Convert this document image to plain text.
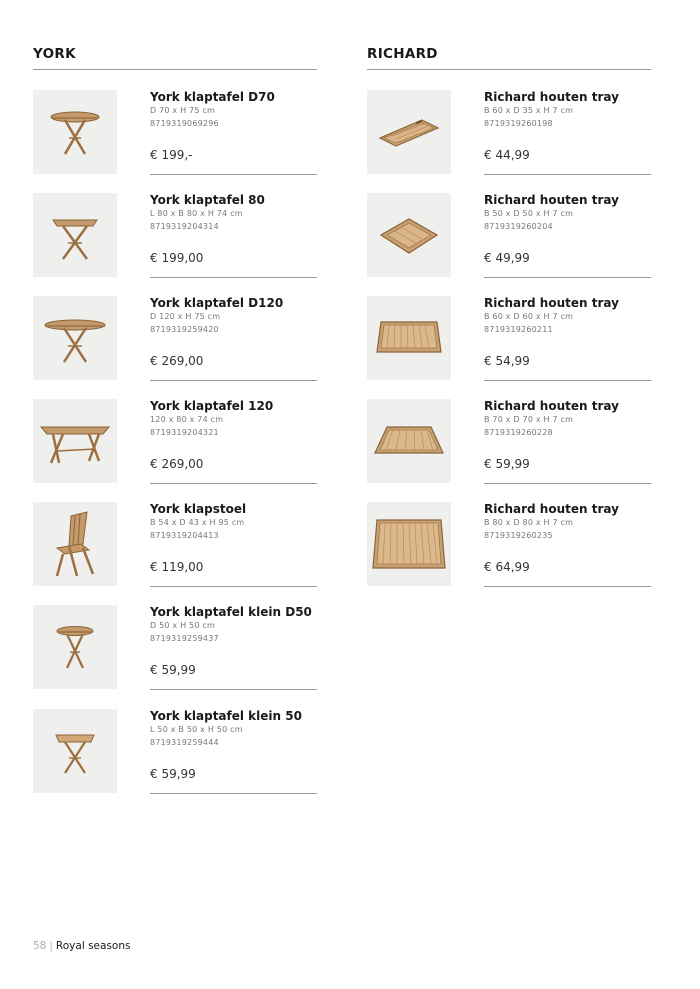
YORK
York klaptafel D70
D 70 x H 75 cm
8719319069296
€ 199,-
York klaptafel 80
L 80 x B 80 x H 74 cm
8719319204314
€ 199,00
York klaptafel D120
D 120 x H 75 cm
8719319259420
€ 269,00
York klaptafel 120
120 x 80 x 74 cm
8719319204321
€ 269,00
York klapstoel
B 54 x D 43 x H 95 cm
8719319204413
€ 119,00
York klaptafel klein D50
D 50 x H 50 cm
8719319259437
€ 59,99
York klaptafel klein 50
L 50 x B 50 x H 50 cm
8719319259444
€ 59,99
RICHARD
Richard houten tray
B 60 x D 35 x H 7 cm
8719319260198
€ 44,99
Richard houten tray
B 50 x D 50 x H 7 cm
8719319260204
€ 49,99
Richard houten tray
B 60 x D 60 x H 7 cm
8719319260211
€ 54,99
Richard houten tray
B 70 x D 70 x H 7 cm
8719319260228
€ 59,99
Richard houten tray
B 80 x D 80 x H 7 cm
8719319260235
€ 64,99
58 | Royal seasons
